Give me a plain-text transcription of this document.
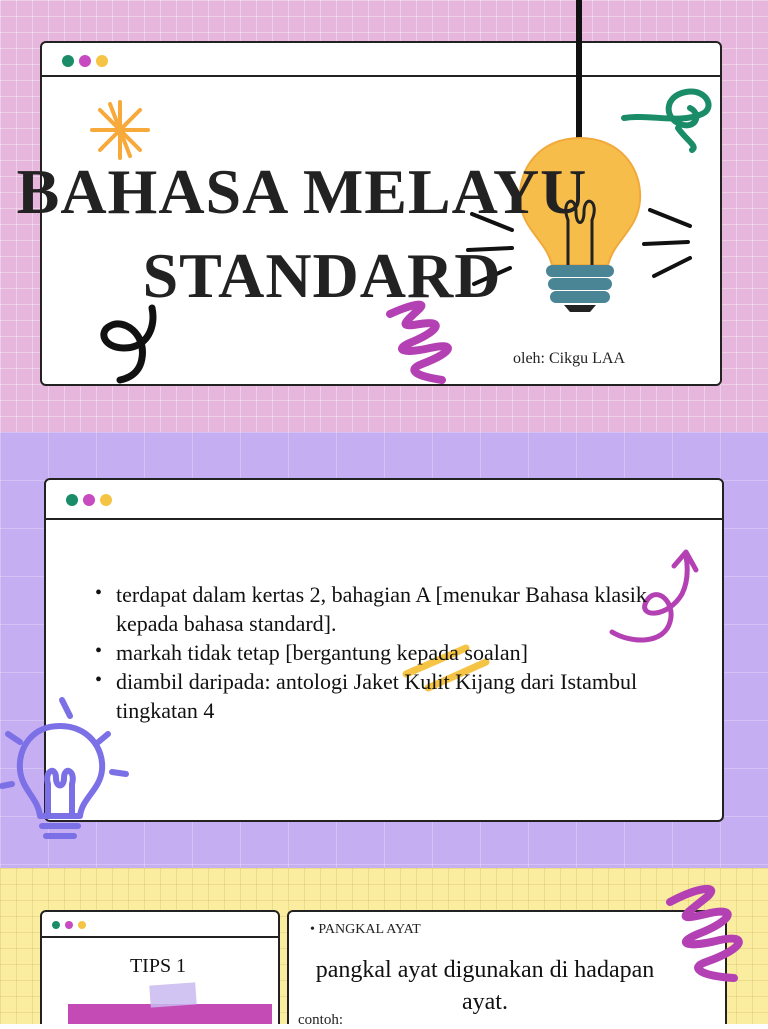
BAHASA MELAYU
STANDARD
oleh: Cikgu LAA
• terdapat dalam kertas 2, bahagian A [menukar Bahasa klasik kepada bahasa standard].
• markah tidak tetap [bergantung kepada soalan]
• diambil daripada: antologi Jaket Kulit Kijang dari Istambul tingkatan 4
TIPS 1
• PANGKAL AYAT
pangkal ayat digunakan di hadapan ayat.
contoh:
